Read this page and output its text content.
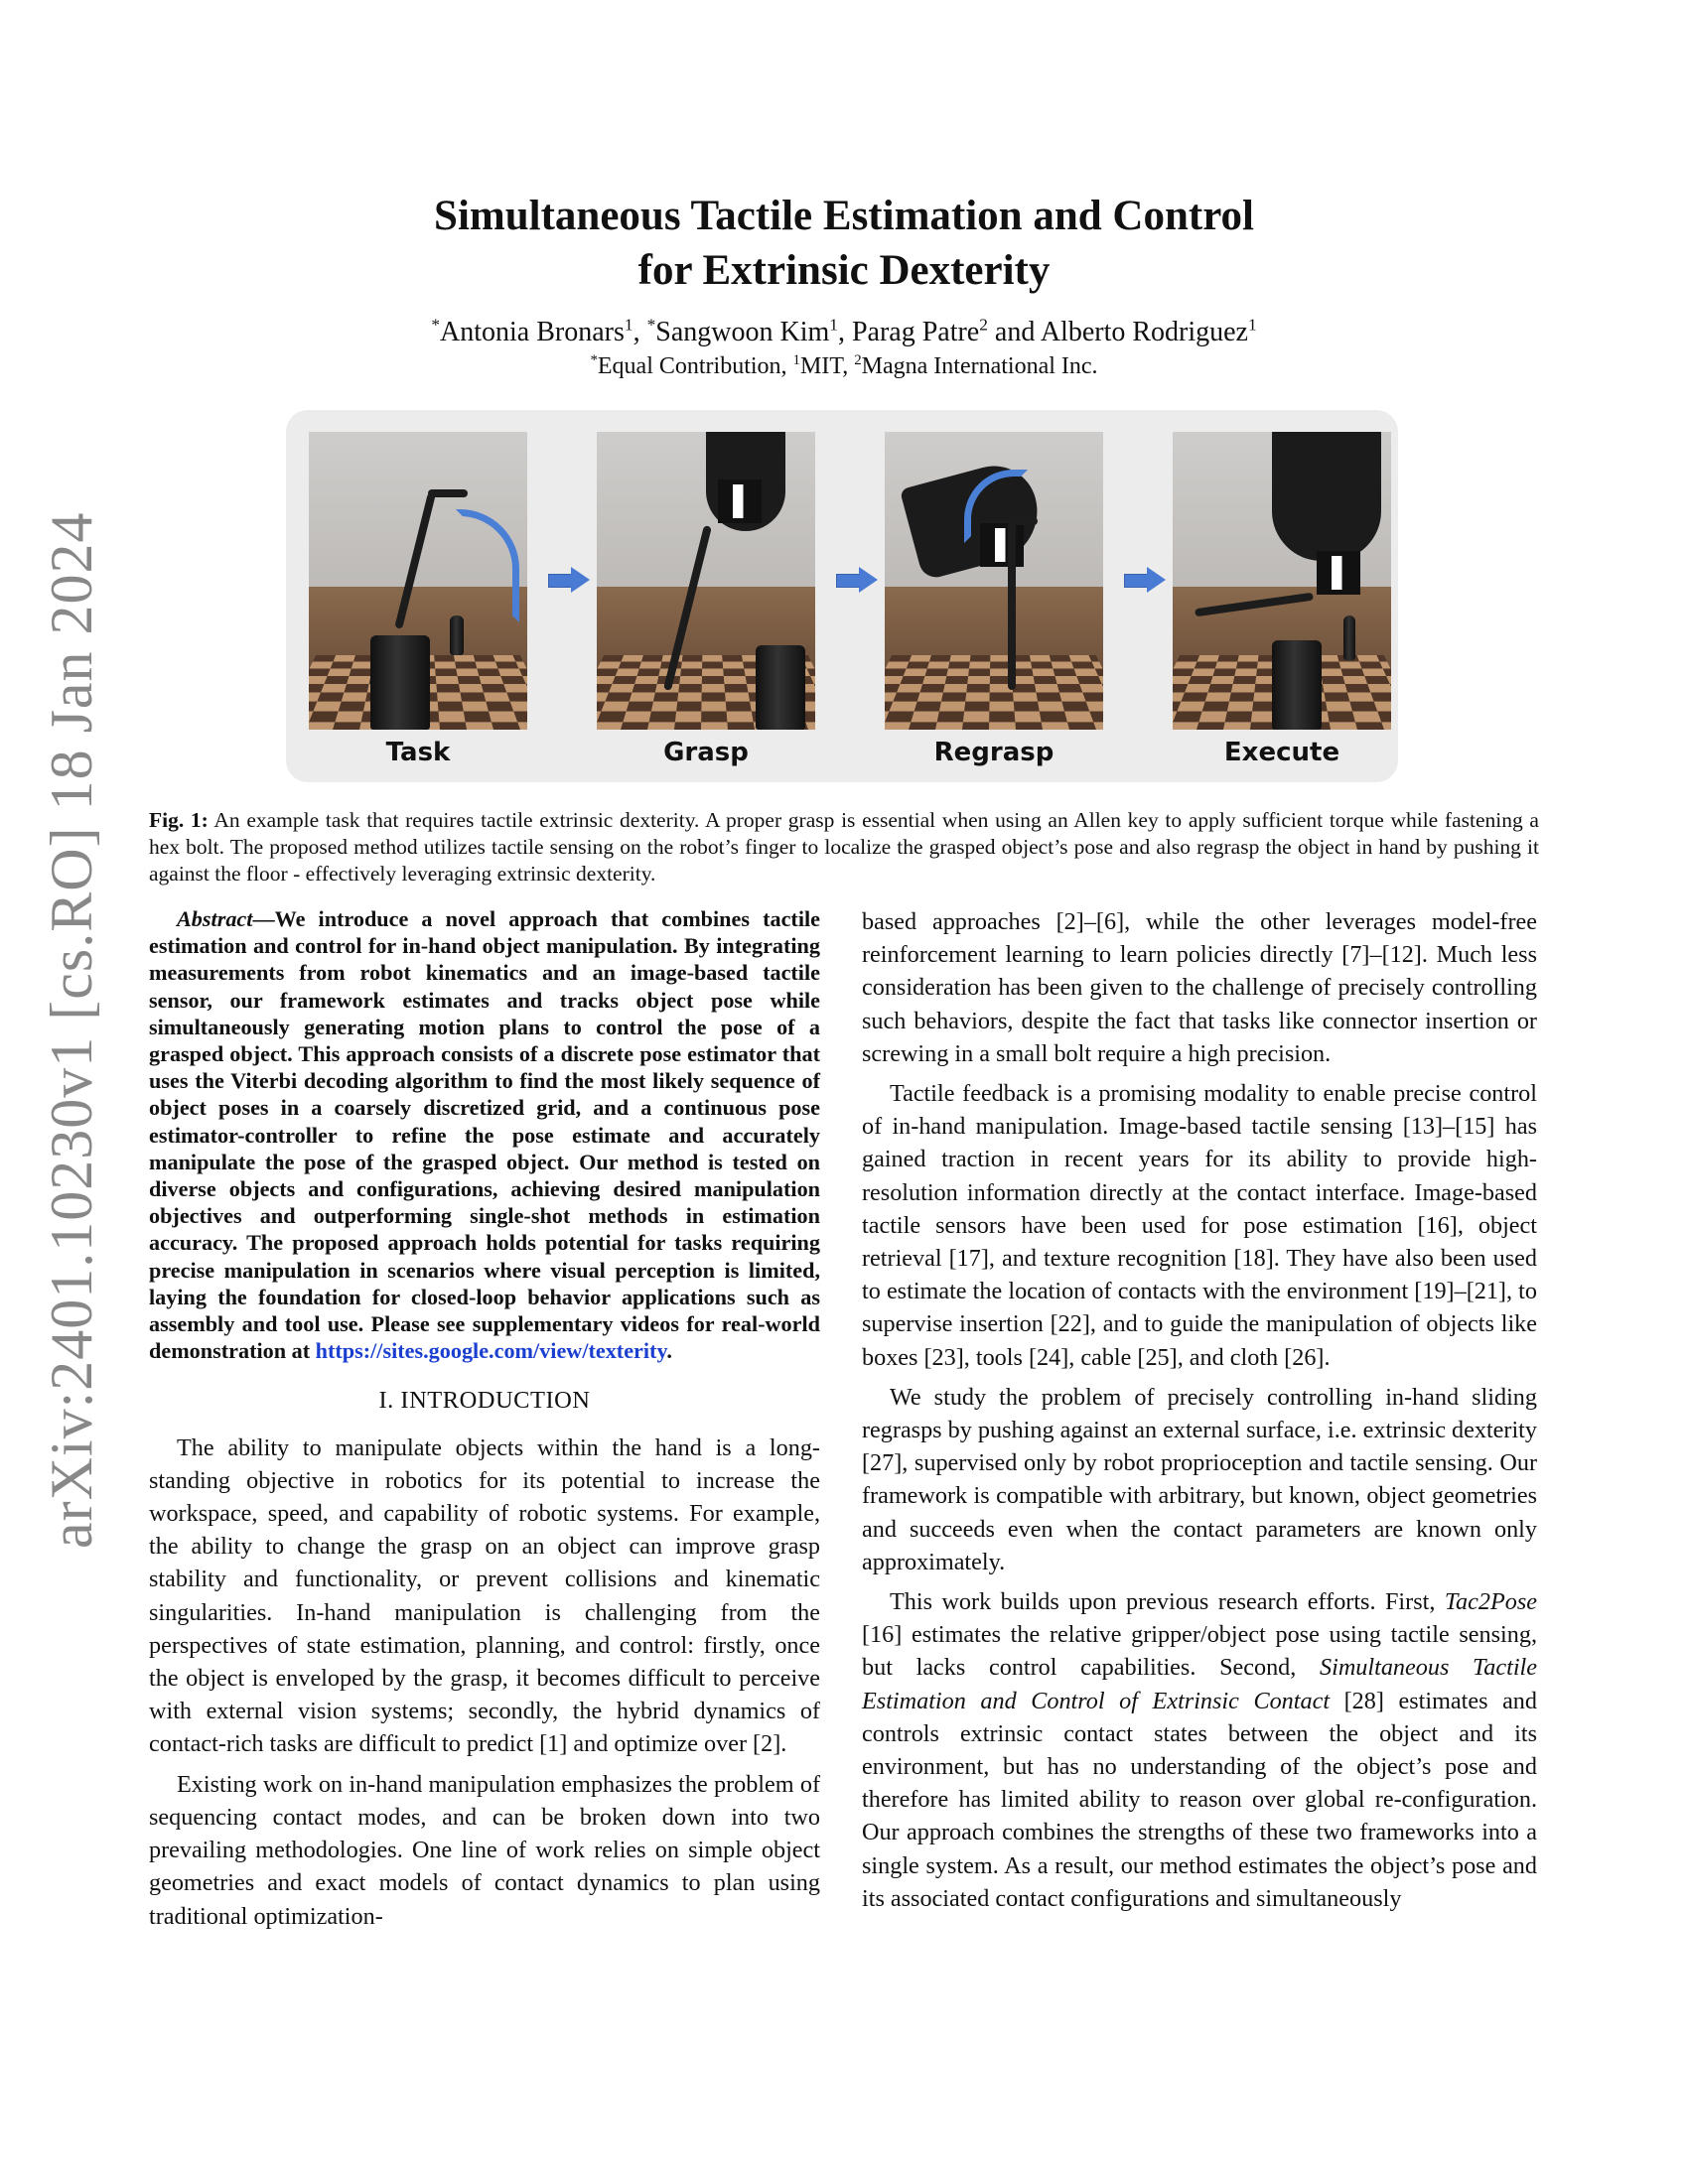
arXiv:2401.10230v1 [cs.RO] 18 Jan 2024
Simultaneous Tactile Estimation and Control
for Extrinsic Dexterity
*Antonia Bronars$^1$, *Sangwoon Kim$^1$, Parag Patre$^2$ and Alberto Rodriguez$^1$
*Equal Contribution, $^1$MIT, $^2$Magna International Inc.
Task	Grasp	Regrasp	Execute
Fig. 1: An example task that requires tactile extrinsic dexterity. A proper grasp is essential when using an Allen key to apply sufficient torque while fastening a hex bolt. The proposed method utilizes tactile sensing on the robot’s finger to localize the grasped object’s pose and also regrasp the object in hand by pushing it against the floor - effectively leveraging extrinsic dexterity.

Abstract—We introduce a novel approach that combines tactile estimation and control for in-hand object manipulation. By integrating measurements from robot kinematics and an image-based tactile sensor, our framework estimates and tracks object pose while simultaneously generating motion plans to control the pose of a grasped object. This approach consists of a discrete pose estimator that uses the Viterbi decoding algorithm to find the most likely sequence of object poses in a coarsely discretized grid, and a continuous pose estimator-controller to refine the pose estimate and accurately manipulate the pose of the grasped object. Our method is tested on diverse objects and configurations, achieving desired manipulation objectives and outperforming single-shot methods in estimation accuracy. The proposed approach holds potential for tasks requiring precise manipulation in scenarios where visual perception is limited, laying the foundation for closed-loop behavior applications such as assembly and tool use. Please see supplementary videos for real-world demonstration at https://sites.google.com/view/texterity.

I. INTRODUCTION

The ability to manipulate objects within the hand is a long-standing objective in robotics for its potential to increase the workspace, speed, and capability of robotic systems. For example, the ability to change the grasp on an object can improve grasp stability and functionality, or prevent collisions and kinematic singularities. In-hand manipulation is challenging from the perspectives of state estimation, planning, and control: firstly, once the object is enveloped by the grasp, it becomes difficult to perceive with external vision systems; secondly, the hybrid dynamics of contact-rich tasks are difficult to predict [1] and optimize over [2].

Existing work on in-hand manipulation emphasizes the problem of sequencing contact modes, and can be broken down into two prevailing methodologies. One line of work relies on simple object geometries and exact models of contact dynamics to plan using traditional optimization-

based approaches [2]–[6], while the other leverages model-free reinforcement learning to learn policies directly [7]–[12]. Much less consideration has been given to the challenge of precisely controlling such behaviors, despite the fact that tasks like connector insertion or screwing in a small bolt require a high precision.

Tactile feedback is a promising modality to enable precise control of in-hand manipulation. Image-based tactile sensing [13]–[15] has gained traction in recent years for its ability to provide high-resolution information directly at the contact interface. Image-based tactile sensors have been used for pose estimation [16], object retrieval [17], and texture recognition [18]. They have also been used to estimate the location of contacts with the environment [19]–[21], to supervise insertion [22], and to guide the manipulation of objects like boxes [23], tools [24], cable [25], and cloth [26].

We study the problem of precisely controlling in-hand sliding regrasps by pushing against an external surface, i.e. extrinsic dexterity [27], supervised only by robot proprioception and tactile sensing. Our framework is compatible with arbitrary, but known, object geometries and succeeds even when the contact parameters are known only approximately.

This work builds upon previous research efforts. First, Tac2Pose [16] estimates the relative gripper/object pose using tactile sensing, but lacks control capabilities. Second, Simultaneous Tactile Estimation and Control of Extrinsic Contact [28] estimates and controls extrinsic contact states between the object and its environment, but has no understanding of the object’s pose and therefore has limited ability to reason over global re-configuration. Our approach combines the strengths of these two frameworks into a single system. As a result, our method estimates the object’s pose and its associated contact configurations and simultaneously
